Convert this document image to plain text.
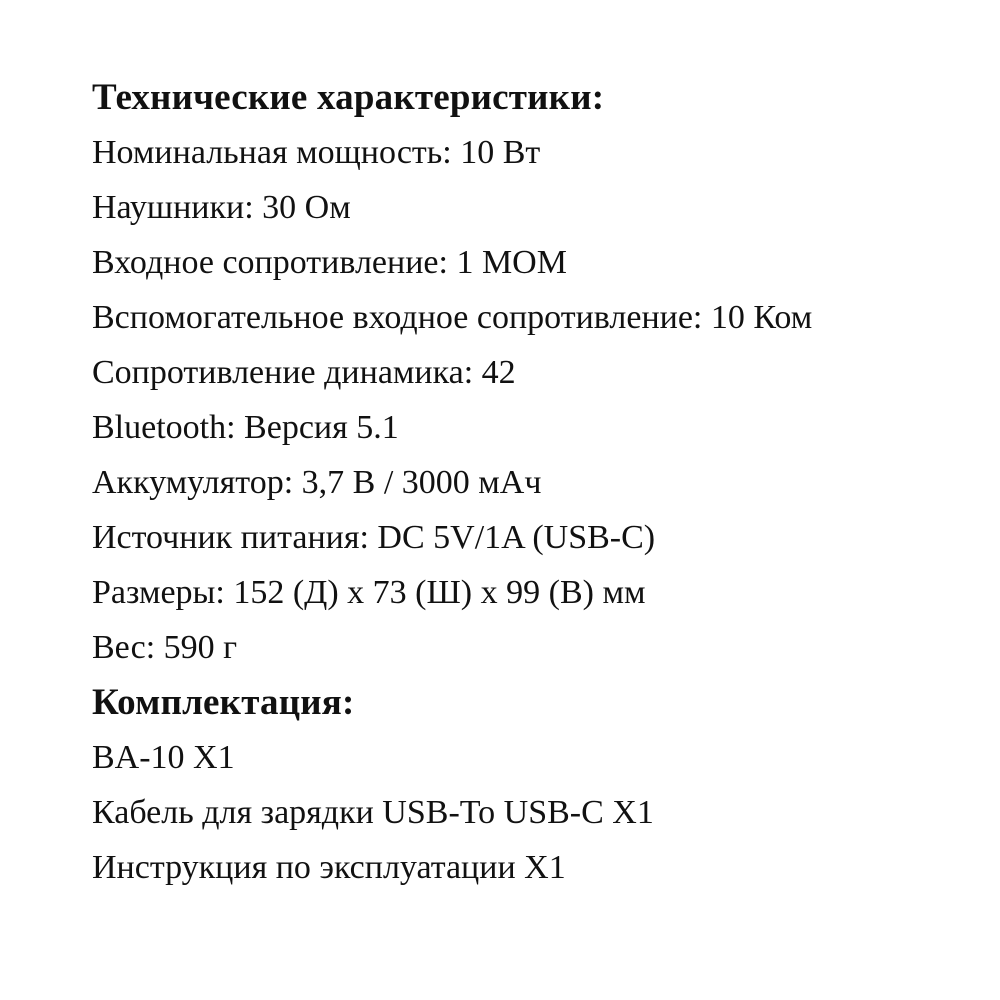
Технические характеристики:
Номинальная мощность: 10 Вт
Наушники: 30 Ом
Входное сопротивление: 1 МОМ
Вспомогательное входное сопротивление: 10 Ком
Сопротивление динамика: 42
Bluetooth: Версия 5.1
Аккумулятор: 3,7 В / 3000 мАч
Источник питания: DC 5V/1A (USB-C)
Размеры: 152 (Д) x 73 (Ш) x 99 (В) мм
Вес: 590 г
Комплектация:
BA-10 X1
Кабель для зарядки USB-To USB-C X1
Инструкция по эксплуатации X1
